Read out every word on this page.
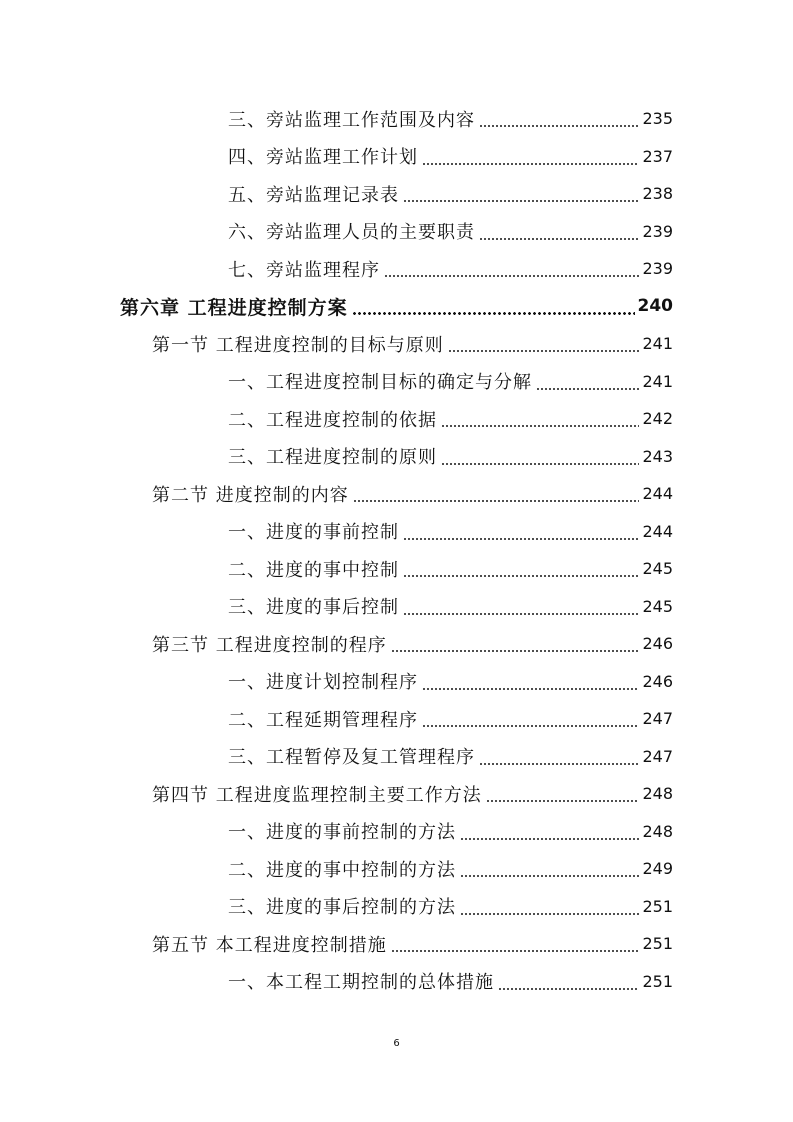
三、旁站监理工作范围及内容	235
四、旁站监理工作计划	237
五、旁站监理记录表	238
六、旁站监理人员的主要职责	239
七、旁站监理程序	239
第六章 工程进度控制方案	240
第一节 工程进度控制的目标与原则	241
一、工程进度控制目标的确定与分解	241
二、工程进度控制的依据	242
三、工程进度控制的原则	243
第二节 进度控制的内容	244
一、进度的事前控制	244
二、进度的事中控制	245
三、进度的事后控制	245
第三节 工程进度控制的程序	246
一、进度计划控制程序	246
二、工程延期管理程序	247
三、工程暂停及复工管理程序	247
第四节 工程进度监理控制主要工作方法	248
一、进度的事前控制的方法	248
二、进度的事中控制的方法	249
三、进度的事后控制的方法	251
第五节 本工程进度控制措施	251
一、本工程工期控制的总体措施	251
6
